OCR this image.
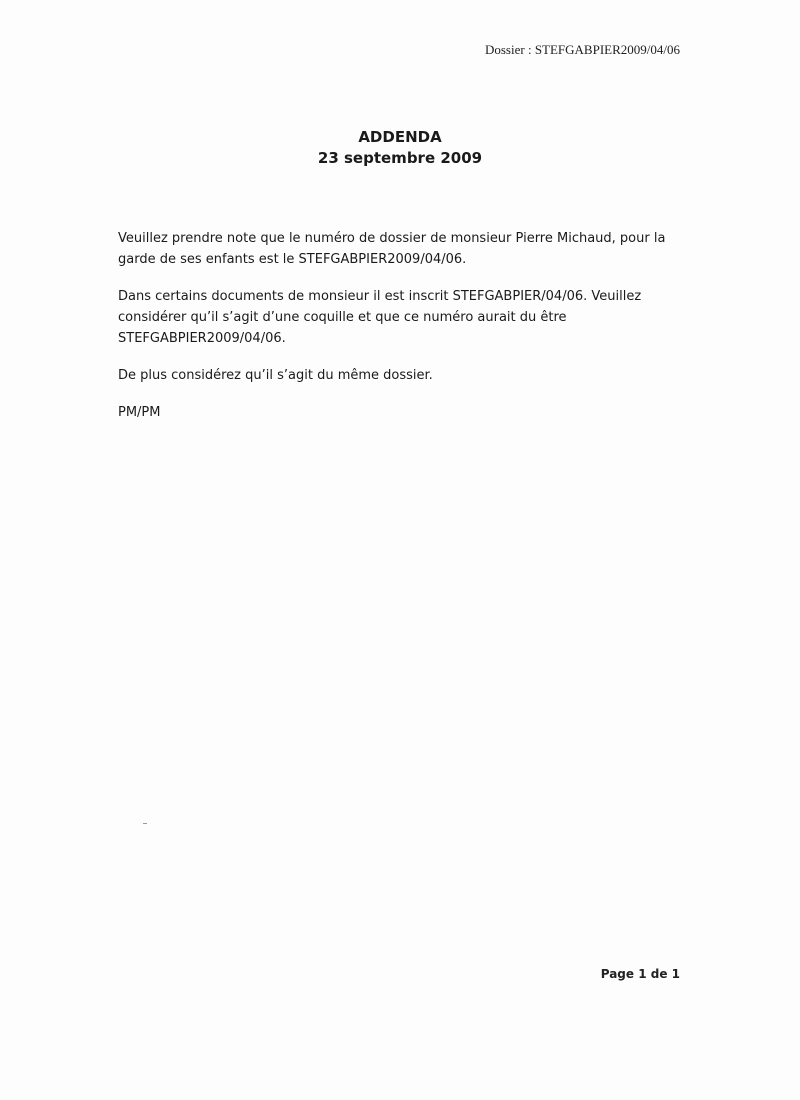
Dossier : STEFGABPIER2009/04/06
ADDENDA
23 septembre 2009

Veuillez prendre note que le numéro de dossier de monsieur Pierre Michaud, pour la garde de ses enfants est le STEFGABPIER2009/04/06.

Dans certains documents de monsieur il est inscrit STEFGABPIER/04/06. Veuillez considérer qu’il s’agit d’une coquille et que ce numéro aurait du être STEFGABPIER2009/04/06.

De plus considérez qu’il s’agit du même dossier.

PM/PM

Page 1 de 1
